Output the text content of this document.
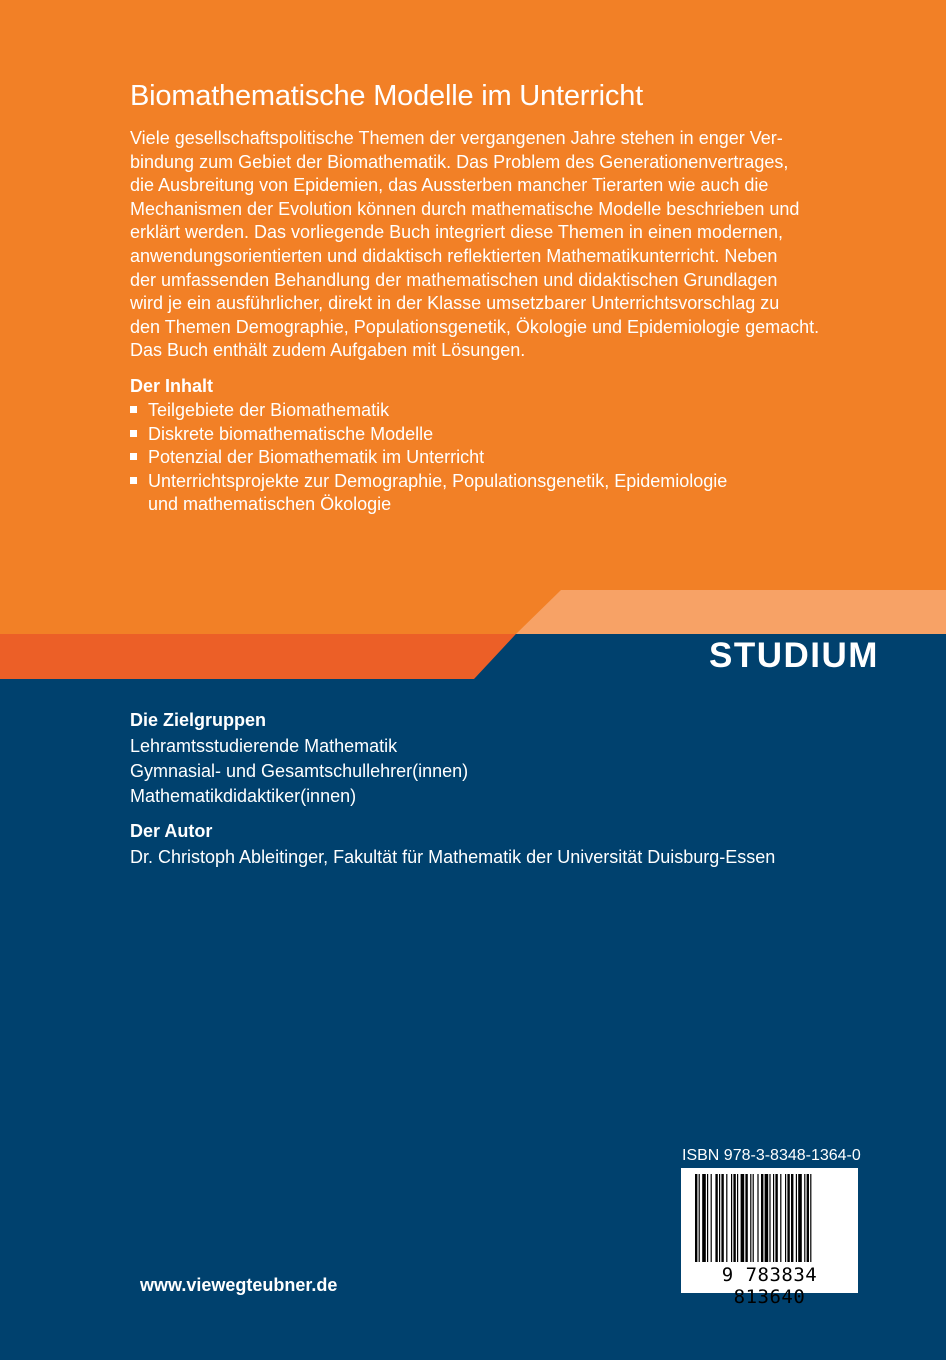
Biomathematische Modelle im Unterricht
Viele gesellschaftspolitische Themen der vergangenen Jahre stehen in enger Ver-
bindung zum Gebiet der Biomathematik. Das Problem des Generationenvertrages,
die Ausbreitung von Epidemien, das Aussterben mancher Tierarten wie auch die
Mechanismen der Evolution können durch mathematische Modelle beschrieben und
erklärt werden. Das vorliegende Buch integriert diese Themen in einen modernen,
anwendungsorientierten und didaktisch reflektierten Mathematikunterricht. Neben
der umfassenden Behandlung der mathematischen und didaktischen Grundlagen
wird je ein ausführlicher, direkt in der Klasse umsetzbarer Unterrichtsvorschlag zu
den Themen Demographie, Populationsgenetik, Ökologie und Epidemiologie gemacht.
Das Buch enthält zudem Aufgaben mit Lösungen.
Der Inhalt
Teilgebiete der Biomathematik
Diskrete biomathematische Modelle
Potenzial der Biomathematik im Unterricht
Unterrichtsprojekte zur Demographie, Populationsgenetik, Epidemiologie
und mathematischen Ökologie
STUDIUM
Die Zielgruppen
Lehramtsstudierende Mathematik
Gymnasial- und Gesamtschullehrer(innen)
Mathematikdidaktiker(innen)
Der Autor
Dr. Christoph Ableitinger, Fakultät für Mathematik der Universität Duisburg-Essen
ISBN 978-3-8348-1364-0
9 783834 813640
www.viewegteubner.de
